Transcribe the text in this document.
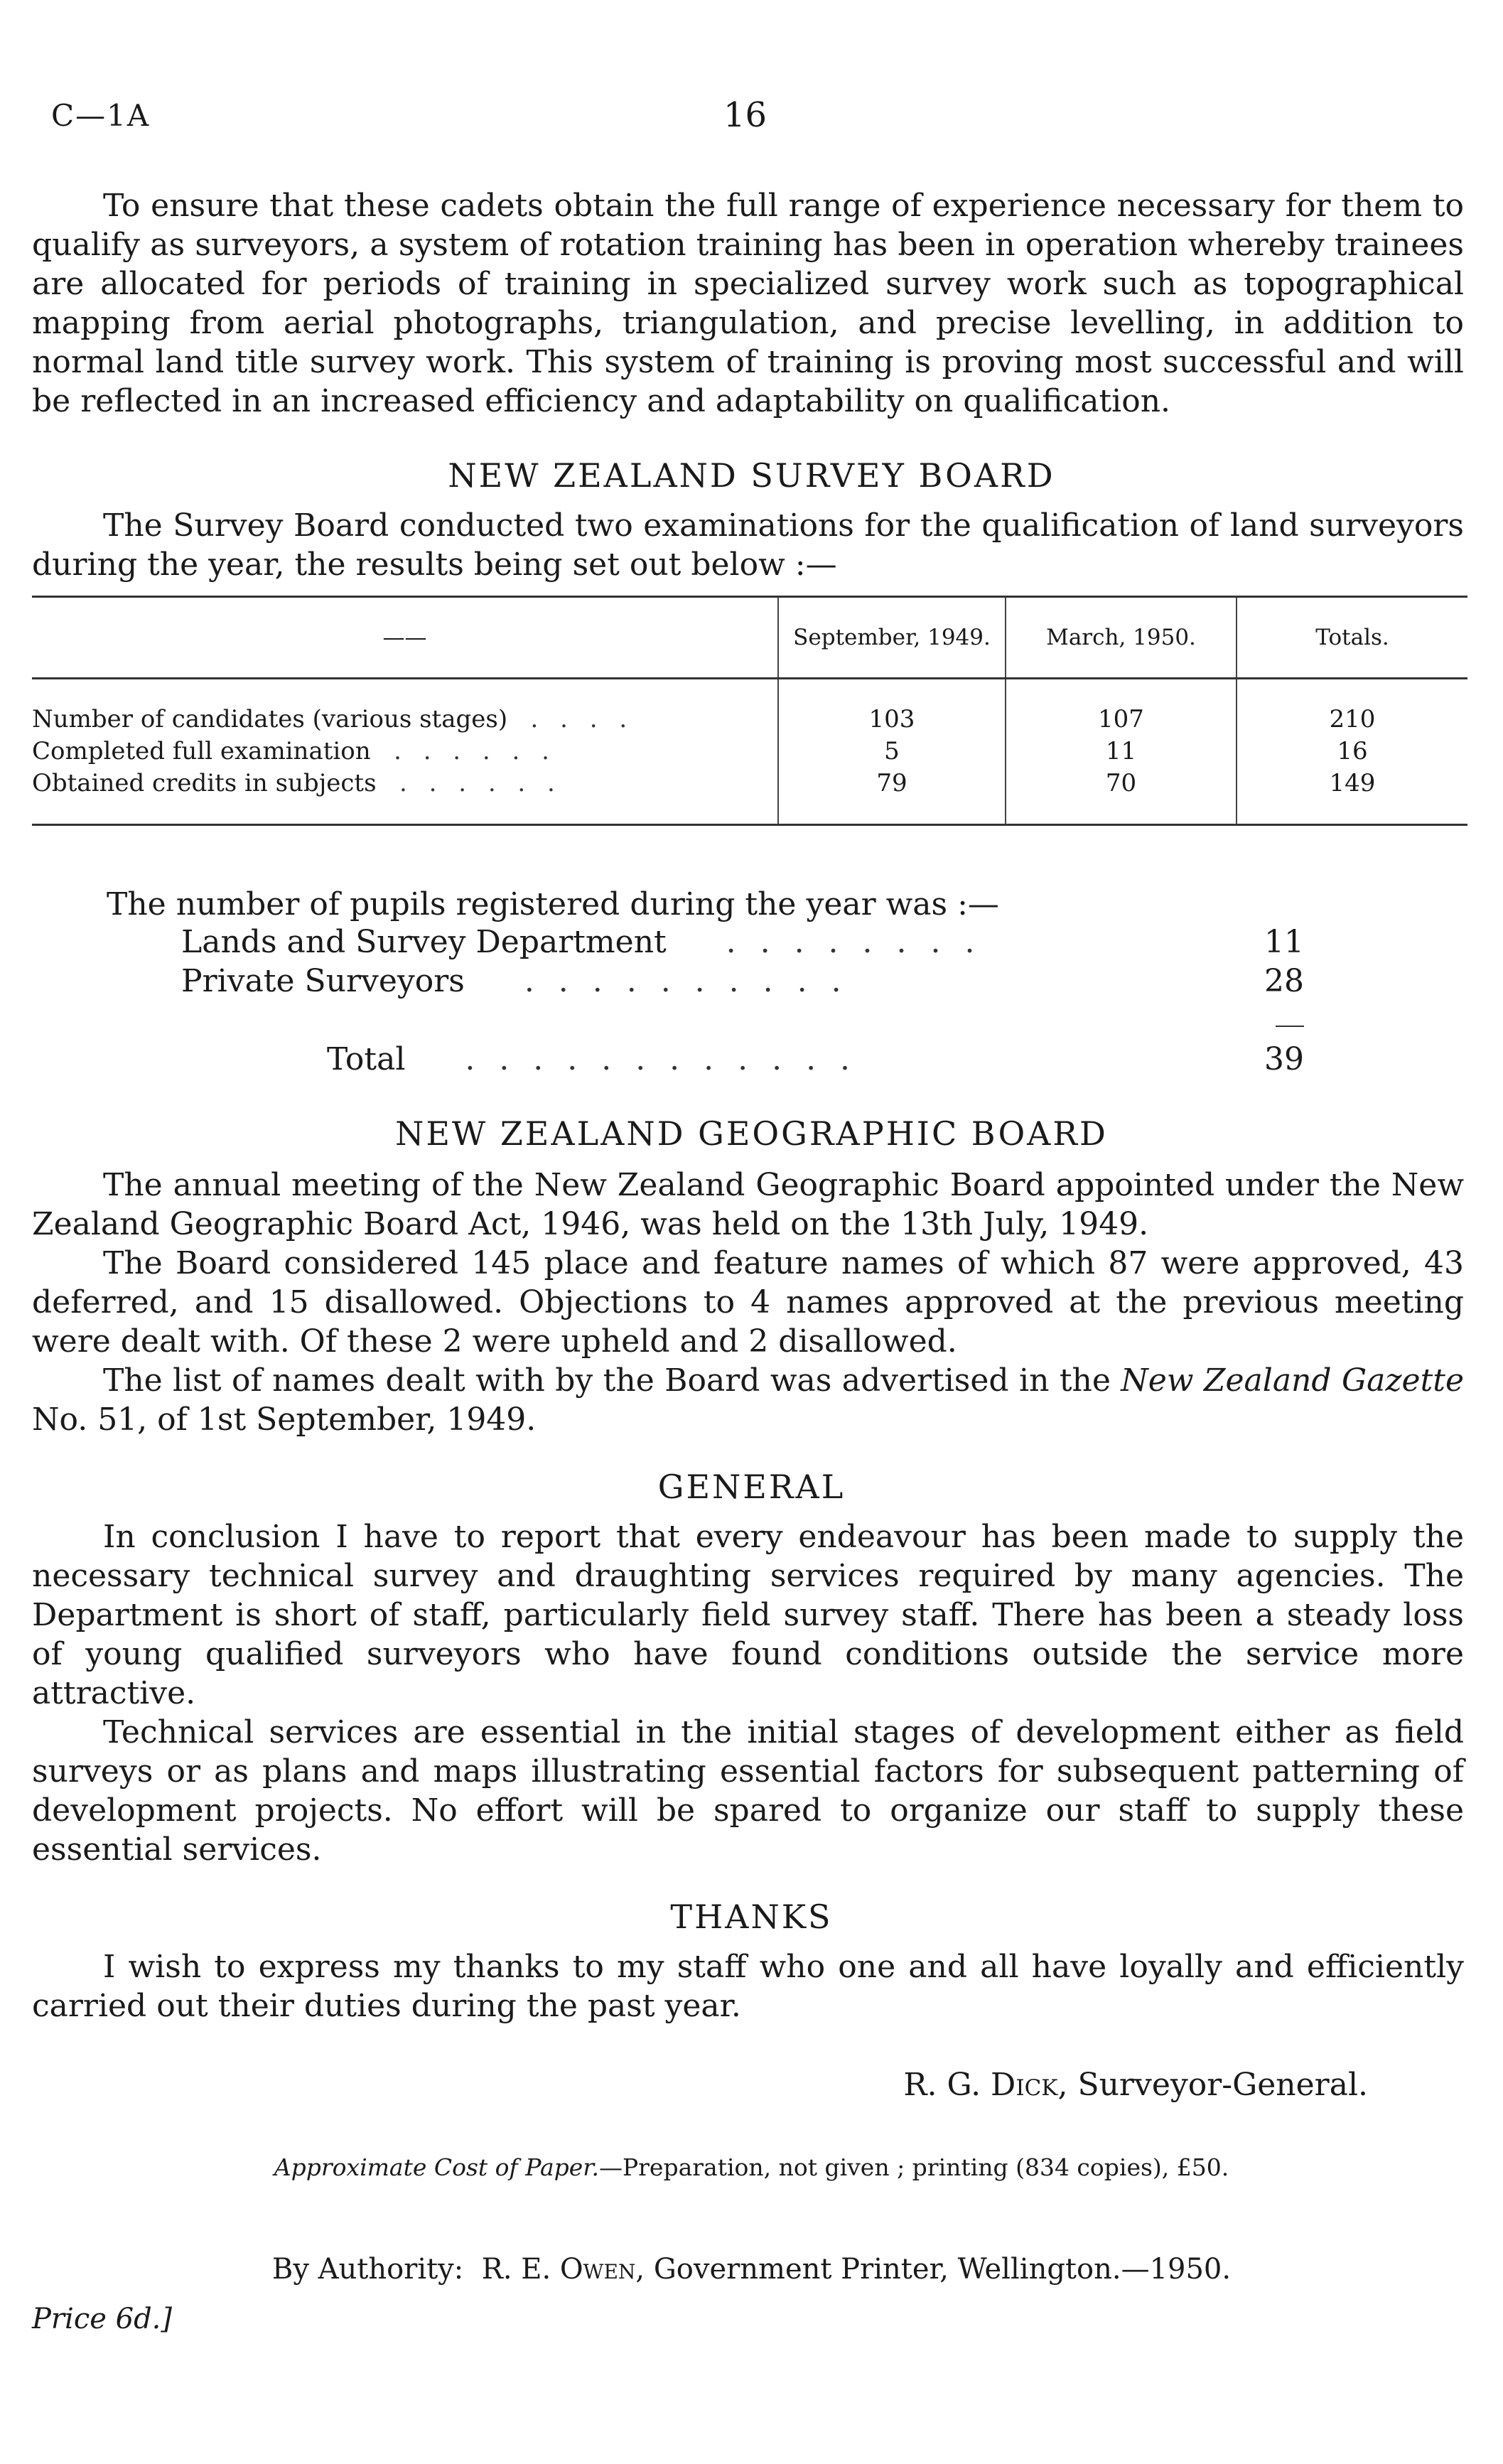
C—1A	16

To ensure that these cadets obtain the full range of experience necessary for them to qualify as surveyors, a system of rotation training has been in operation whereby trainees are allocated for periods of training in specialized survey work such as topographical mapping from aerial photographs, triangulation, and precise levelling, in addition to normal land title survey work. This system of training is proving most successful and will be reflected in an increased efficiency and adaptability on qualification.

NEW ZEALAND SURVEY BOARD

The Survey Board conducted two examinations for the qualification of land surveyors during the year, the results being set out below :—

——	September, 1949.	March, 1950.	Totals.
Number of candidates (various stages) . . . .	103	107	210
Completed full examination . . . . . .	5	11	16
Obtained credits in subjects . . . . . .	79	70	149
The number of pupils registered during the year was :—
Lands and Survey Department . . . . . . . .	11
Private Surveyors . . . . . . . . . .	28
Total . . . . . . . . . . . .	39
NEW ZEALAND GEOGRAPHIC BOARD

The annual meeting of the New Zealand Geographic Board appointed under the New Zealand Geographic Board Act, 1946, was held on the 13th July, 1949.

The Board considered 145 place and feature names of which 87 were approved, 43 deferred, and 15 disallowed. Objections to 4 names approved at the previous meeting were dealt with. Of these 2 were upheld and 2 disallowed.

The list of names dealt with by the Board was advertised in the New Zealand Gazette No. 51, of 1st September, 1949.

GENERAL

In conclusion I have to report that every endeavour has been made to supply the necessary technical survey and draughting services required by many agencies. The Department is short of staff, particularly field survey staff. There has been a steady loss of young qualified surveyors who have found conditions outside the service more attractive.

Technical services are essential in the initial stages of development either as field surveys or as plans and maps illustrating essential factors for subsequent patterning of development projects. No effort will be spared to organize our staff to supply these essential services.

THANKS

I wish to express my thanks to my staff who one and all have loyally and efficiently carried out their duties during the past year.

R. G. Dick, Surveyor-General.
Approximate Cost of Paper.—Preparation, not given ; printing (834 copies), £50.
By Authority: R. E. Owen, Government Printer, Wellington.—1950.
Price 6d.]
